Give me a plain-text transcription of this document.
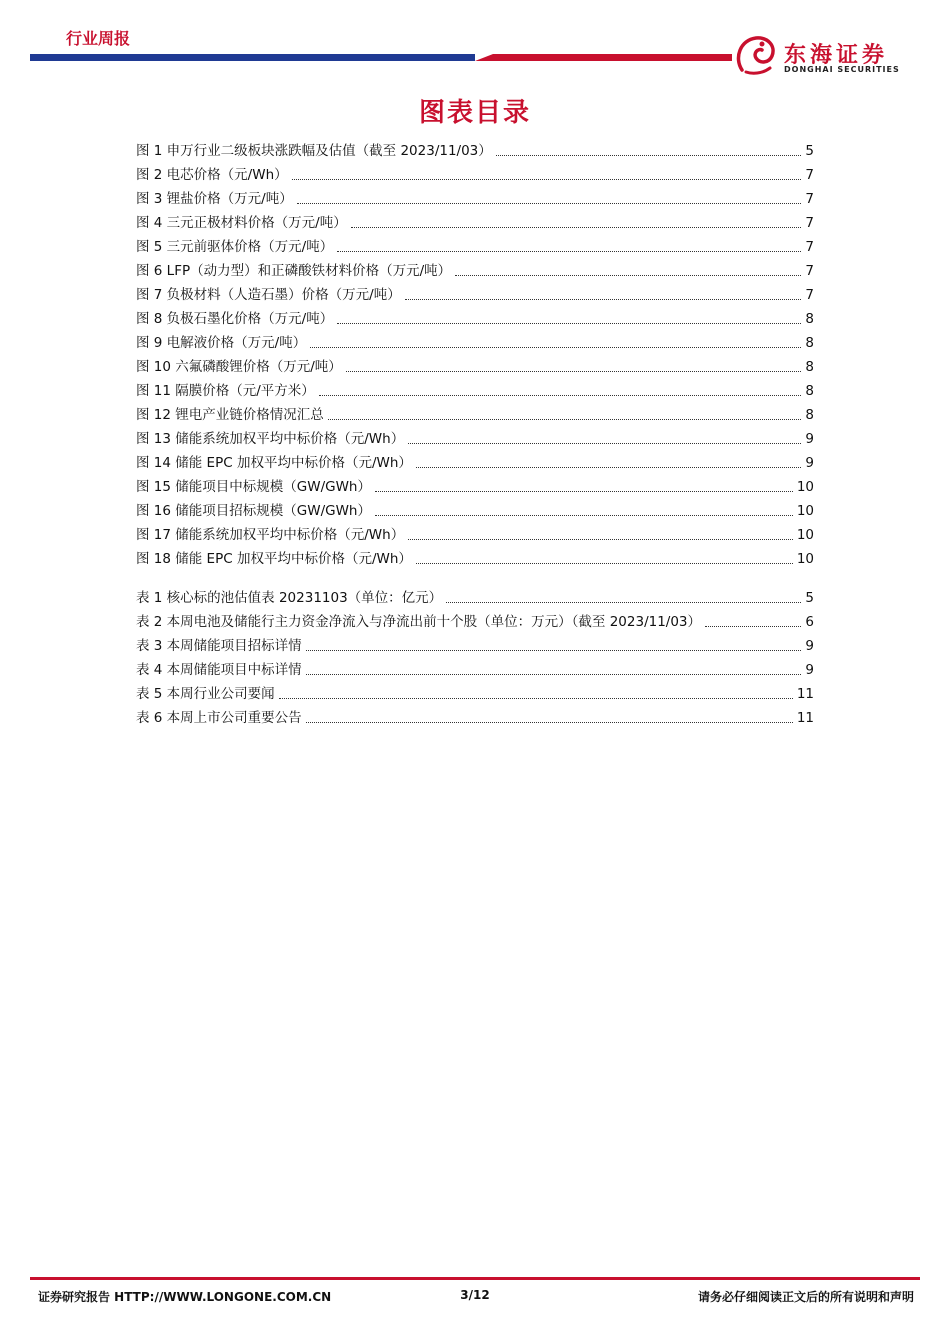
行业周报
东海证券
DONGHAI SECURITIES
图表目录
图 1 申万行业二级板块涨跌幅及估值（截至 2023/11/03）	5
图 2 电芯价格（元/Wh）	7
图 3 锂盐价格（万元/吨）	7
图 4 三元正极材料价格（万元/吨）	7
图 5 三元前驱体价格（万元/吨）	7
图 6 LFP（动力型）和正磷酸铁材料价格（万元/吨）	7
图 7 负极材料（人造石墨）价格（万元/吨）	7
图 8 负极石墨化价格（万元/吨）	8
图 9 电解液价格（万元/吨）	8
图 10 六氟磷酸锂价格（万元/吨）	8
图 11 隔膜价格（元/平方米）	8
图 12 锂电产业链价格情况汇总	8
图 13 储能系统加权平均中标价格（元/Wh）	9
图 14 储能 EPC 加权平均中标价格（元/Wh）	9
图 15 储能项目中标规模（GW/GWh）	10
图 16 储能项目招标规模（GW/GWh）	10
图 17 储能系统加权平均中标价格（元/Wh）	10
图 18 储能 EPC 加权平均中标价格（元/Wh）	10
表 1 核心标的池估值表 20231103（单位：亿元）	5
表 2 本周电池及储能行主力资金净流入与净流出前十个股（单位：万元）（截至 2023/11/03）	6
表 3 本周储能项目招标详情	9
表 4 本周储能项目中标详情	9
表 5 本周行业公司要闻	11
表 6 本周上市公司重要公告	11
证券研究报告 HTTP://WWW.LONGONE.COM.CN	3/12	请务必仔细阅读正文后的所有说明和声明
